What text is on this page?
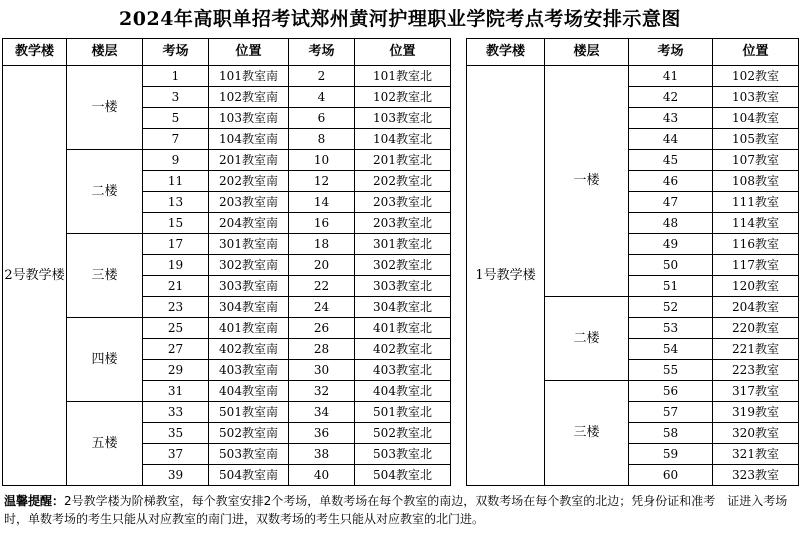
2024年高职单招考试郑州黄河护理职业学院考点考场安排示意图
教学楼	楼层	考场	位置	考场	位置
2号教学楼	一楼	1	101教室南	2	101教室北
		3	102教室南	4	102教室北
		5	103教室南	6	103教室北
		7	104教室南	8	104教室北
	二楼	9	201教室南	10	201教室北
		11	202教室南	12	202教室北
		13	203教室南	14	203教室北
		15	204教室南	16	203教室北
	三楼	17	301教室南	18	301教室北
		19	302教室南	20	302教室北
		21	303教室南	22	303教室北
		23	304教室南	24	304教室北
	四楼	25	401教室南	26	401教室北
		27	402教室南	28	402教室北
		29	403教室南	30	403教室北
		31	404教室南	32	404教室北
	五楼	33	501教室南	34	501教室北
		35	502教室南	36	502教室北
		37	503教室南	38	503教室北
		39	504教室南	40	504教室北
教学楼	楼层	考场	位置
1号教学楼	一楼	41	102教室
		42	103教室
		43	104教室
		44	105教室
		45	107教室
		46	108教室
		47	111教室
		48	114教室
		49	116教室
		50	117教室
		51	120教室
	二楼	52	204教室
		53	220教室
		54	221教室
		55	223教室
	三楼	56	317教室
		57	319教室
		58	320教室
		59	321教室
		60	323教室
温馨提醒：2号教学楼为阶梯教室，每个教室安排2个考场，单数考场在每个教室的南边，双数考场在每个教室的北边；凭身份证和准考　证进入考场时，单数考场的考生只能从对应教室的南门进，双数考场的考生只能从对应教室的北门进。
